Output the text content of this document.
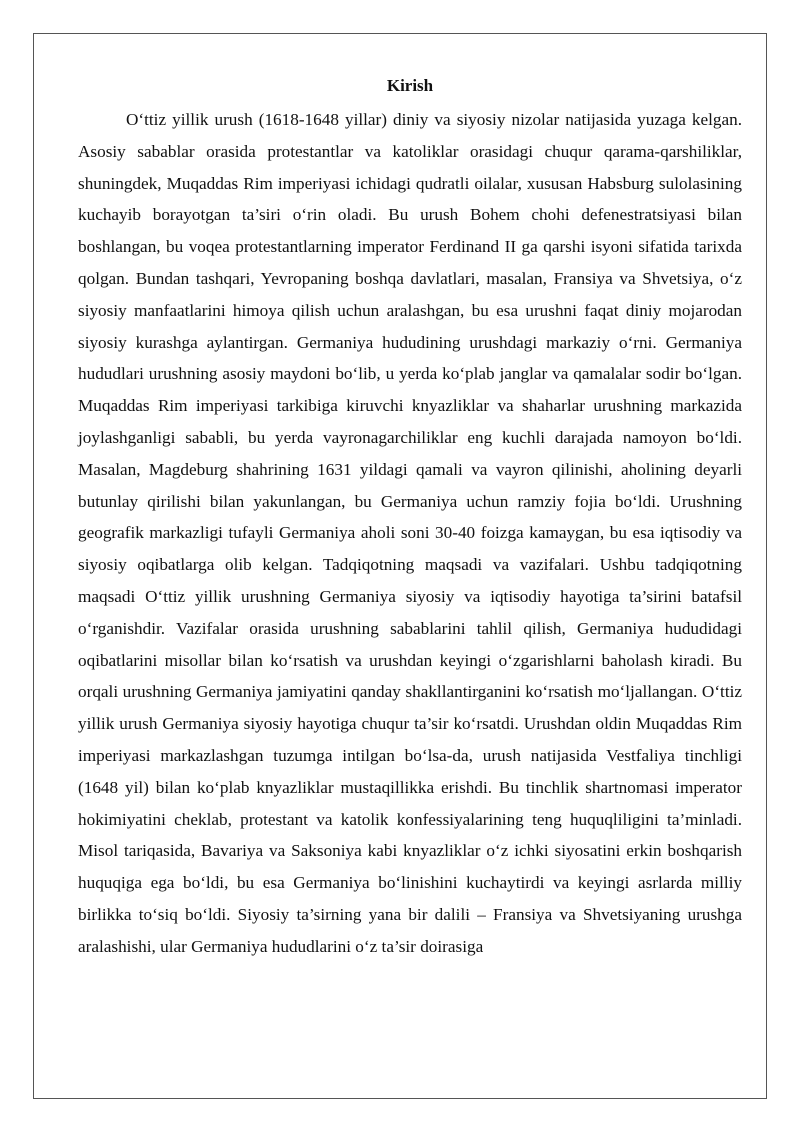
Kirish

O‘ttiz yillik urush (1618-1648 yillar) diniy va siyosiy nizolar natijasida yuzaga kelgan. Asosiy sabablar orasida protestantlar va katoliklar orasidagi chuqur qarama-qarshiliklar, shuningdek, Muqaddas Rim imperiyasi ichidagi qudratli oilalar, xususan Habsburg sulolasining kuchayib borayotgan ta’siri o‘rin oladi. Bu urush Bohem chohi defenestratsiyasi bilan boshlangan, bu voqea protestantlarning imperator Ferdinand II ga qarshi isyoni sifatida tarixda qolgan. Bundan tashqari, Yevropaning boshqa davlatlari, masalan, Fransiya va Shvetsiya, o‘z siyosiy manfaatlarini himoya qilish uchun aralashgan, bu esa urushni faqat diniy mojarodan siyosiy kurashga aylantirgan. Germaniya hududining urushdagi markaziy o‘rni. Germaniya hududlari urushning asosiy maydoni bo‘lib, u yerda ko‘plab janglar va qamalalar sodir bo‘lgan. Muqaddas Rim imperiyasi tarkibiga kiruvchi knyazliklar va shaharlar urushning markazida joylashganligi sababli, bu yerda vayronagarchiliklar eng kuchli darajada namoyon bo‘ldi. Masalan, Magdeburg shahrining 1631 yildagi qamali va vayron qilinishi, aholining deyarli butunlay qirilishi bilan yakunlangan, bu Germaniya uchun ramziy fojia bo‘ldi. Urushning geografik markazligi tufayli Germaniya aholi soni 30-40 foizga kamaygan, bu esa iqtisodiy va siyosiy oqibatlarga olib kelgan. Tadqiqotning maqsadi va vazifalari. Ushbu tadqiqotning maqsadi O‘ttiz yillik urushning Germaniya siyosiy va iqtisodiy hayotiga ta’sirini batafsil o‘rganishdir. Vazifalar orasida urushning sabablarini tahlil qilish, Germaniya hududidagi oqibatlarini misollar bilan ko‘rsatish va urushdan keyingi o‘zgarishlarni baholash kiradi. Bu orqali urushning Germaniya jamiyatini qanday shakllantirganini ko‘rsatish mo‘ljallangan. O‘ttiz yillik urush Germaniya siyosiy hayotiga chuqur ta’sir ko‘rsatdi. Urushdan oldin Muqaddas Rim imperiyasi markazlashgan tuzumga intilgan bo‘lsa-da, urush natijasida Vestfaliya tinchligi (1648 yil) bilan ko‘plab knyazliklar mustaqillikka erishdi. Bu tinchlik shartnomasi imperator hokimiyatini cheklab, protestant va katolik konfessiyalarining teng huquqliligini ta’minladi. Misol tariqasida, Bavariya va Saksoniya kabi knyazliklar o‘z ichki siyosatini erkin boshqarish huquqiga ega bo‘ldi, bu esa Germaniya bo‘linishini kuchaytirdi va keyingi asrlarda milliy birlikka to‘siq bo‘ldi. Siyosiy ta’sirning yana bir dalili – Fransiya va Shvetsiyaning urushga aralashishi, ular Germaniya hududlarini o‘z ta’sir doirasiga
